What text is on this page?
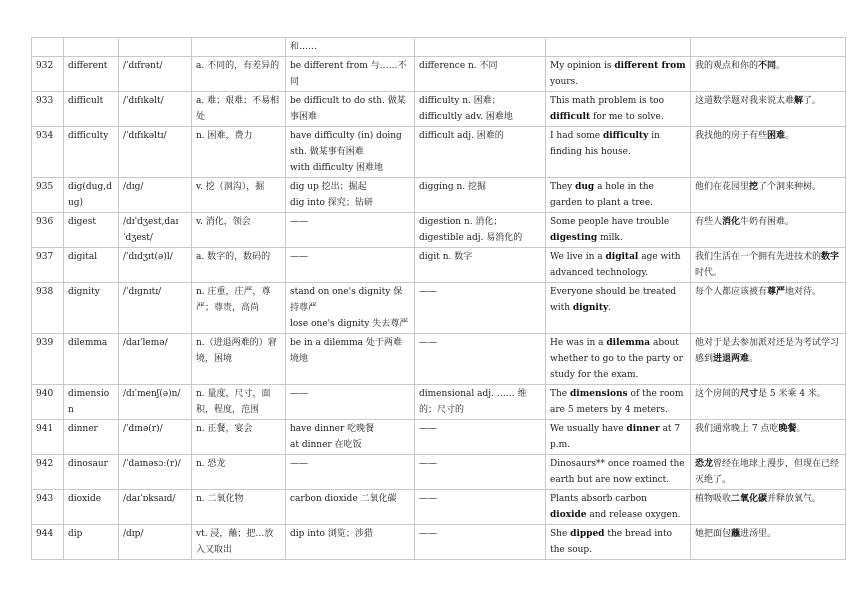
				和……			
932	different	/ˈdɪfrənt/	a. 不同的，有差异的	be different from 与……不同	difference n. 不同	My opinion is different from yours.	我的观点和你的不同。
933	difficult	/ˈdɪfɪkəlt/	a. 难；艰难；不易相处	be difficult to do sth. 做某事困难	difficulty n. 困难；
difficultly adv. 困难地	This math problem is too difficult for me to solve.	这道数学题对我来说太难解了。
934	difficulty	/ˈdɪfɪkəltɪ/	n. 困难，费力	have difficulty (in) doing sth. 做某事有困难
with difficulty 困难地	difficult adj. 困难的	I had some difficulty in finding his house.	我找他的房子有些困难。
935	dig(dug,dug)	/dɪg/	v. 挖（洞沟），掘	dig up 挖出；掘起
dig into 探究；钻研	digging n. 挖掘	They dug a hole in the garden to plant a tree.	他们在花园里挖了个洞来种树。
936	digest	/dɪˈdʒest,daɪˈdʒest/	v. 消化，领会	——	digestion n. 消化；
digestible adj. 易消化的	Some people have trouble digesting milk.	有些人消化牛奶有困难。
937	digital	/ˈdɪdʒɪt(ə)l/	a. 数字的，数码的	——	digit n. 数字	We live in a digital age with advanced technology.	我们生活在一个拥有先进技术的数字时代。
938	dignity	/ˈdɪgnɪtɪ/	n. 庄重，庄严，尊严；尊贵，高尚	stand on one's dignity 保持尊严
lose one's dignity 失去尊严	——	Everyone should be treated with dignity.	每个人都应该被有尊严地对待。
939	dilemma	/daɪˈlemə/	n.（进退两难的）窘境，困境	be in a dilemma 处于两难境地	——	He was in a dilemma about whether to go to the party or study for the exam.	他对于是去参加派对还是为考试学习感到进退两难。
940	dimension	/dɪˈmenʃ(ə)n/	n. 量度，尺寸，面积，程度，范围	——	dimensional adj. …… 维的；尺寸的	The dimensions of the room are 5 meters by 4 meters.	这个房间的尺寸是 5 米乘 4 米。
941	dinner	/ˈdɪnə(r)/	n. 正餐，宴会	have dinner 吃晚餐
at dinner 在吃饭	——	We usually have dinner at 7 p.m.	我们通常晚上 7 点吃晚餐。
942	dinosaur	/ˈdaɪnəsɔː(r)/	n. 恐龙	——	——	Dinosaurs** once roamed the earth but are now extinct.	恐龙曾经在地球上漫步，但现在已经灭绝了。
943	dioxide	/daɪˈɒksaɪd/	n. 二氧化物	carbon dioxide 二氧化碳	——	Plants absorb carbon dioxide and release oxygen.	植物吸收二氧化碳并释放氧气。
944	dip	/dɪp/	vt. 浸，蘸；把…放入又取出	dip into 浏览；涉猎	——	She dipped the bread into the soup.	她把面包蘸进汤里。
